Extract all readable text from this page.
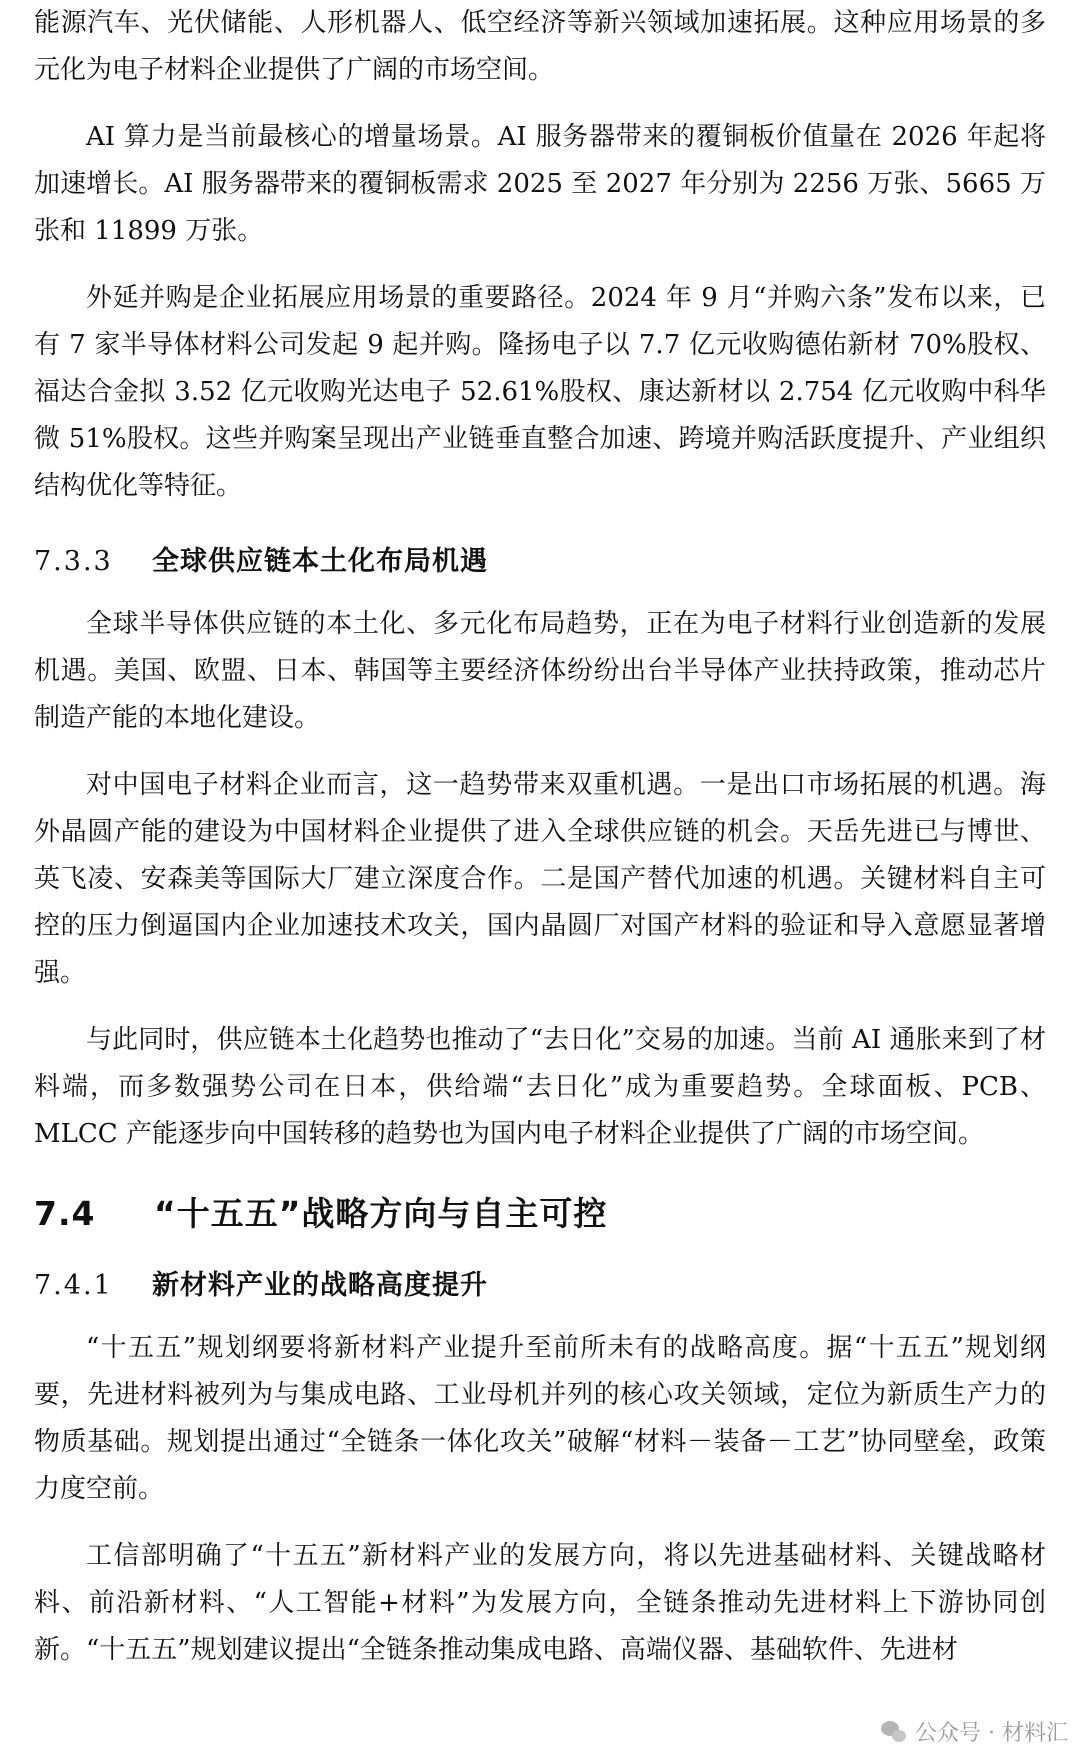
能源汽车、光伏储能、人形机器人、低空经济等新兴领域加速拓展。这种应用场景的多元化为电子材料企业提供了广阔的市场空间。

AI 算力是当前最核心的增量场景。AI 服务器带来的覆铜板价值量在 2026 年起将加速增长。AI 服务器带来的覆铜板需求 2025 至 2027 年分别为 2256 万张、5665 万张和 11899 万张。

外延并购是企业拓展应用场景的重要路径。2024 年 9 月“并购六条”发布以来，已有 7 家半导体材料公司发起 9 起并购。隆扬电子以 7.7 亿元收购德佑新材 70%股权、福达合金拟 3.52 亿元收购光达电子 52.61%股权、康达新材以 2.754 亿元收购中科华微 51%股权。这些并购案呈现出产业链垂直整合加速、跨境并购活跃度提升、产业组织结构优化等特征。

7.3.3 全球供应链本土化布局机遇

全球半导体供应链的本土化、多元化布局趋势，正在为电子材料行业创造新的发展机遇。美国、欧盟、日本、韩国等主要经济体纷纷出台半导体产业扶持政策，推动芯片制造产能的本地化建设。

对中国电子材料企业而言，这一趋势带来双重机遇。一是出口市场拓展的机遇。海外晶圆产能的建设为中国材料企业提供了进入全球供应链的机会。天岳先进已与博世、英飞凌、安森美等国际大厂建立深度合作。二是国产替代加速的机遇。关键材料自主可控的压力倒逼国内企业加速技术攻关，国内晶圆厂对国产材料的验证和导入意愿显著增强。

与此同时，供应链本土化趋势也推动了“去日化”交易的加速。当前 AI 通胀来到了材料端，而多数强势公司在日本，供给端“去日化”成为重要趋势。全球面板、PCB、MLCC 产能逐步向中国转移的趋势也为国内电子材料企业提供了广阔的市场空间。

7.4 “十五五”战略方向与自主可控
7.4.1 新材料产业的战略高度提升

“十五五”规划纲要将新材料产业提升至前所未有的战略高度。据“十五五”规划纲要，先进材料被列为与集成电路、工业母机并列的核心攻关领域，定位为新质生产力的物质基础。规划提出通过“全链条一体化攻关”破解“材料－装备－工艺”协同壁垒，政策力度空前。

工信部明确了“十五五”新材料产业的发展方向，将以先进基础材料、关键战略材料、前沿新材料、“人工智能+材料”为发展方向，全链条推动先进材料上下游协同创新。“十五五”规划建议提出“全链条推动集成电路、高端仪器、基础软件、先进材

公众号 · 材料汇
